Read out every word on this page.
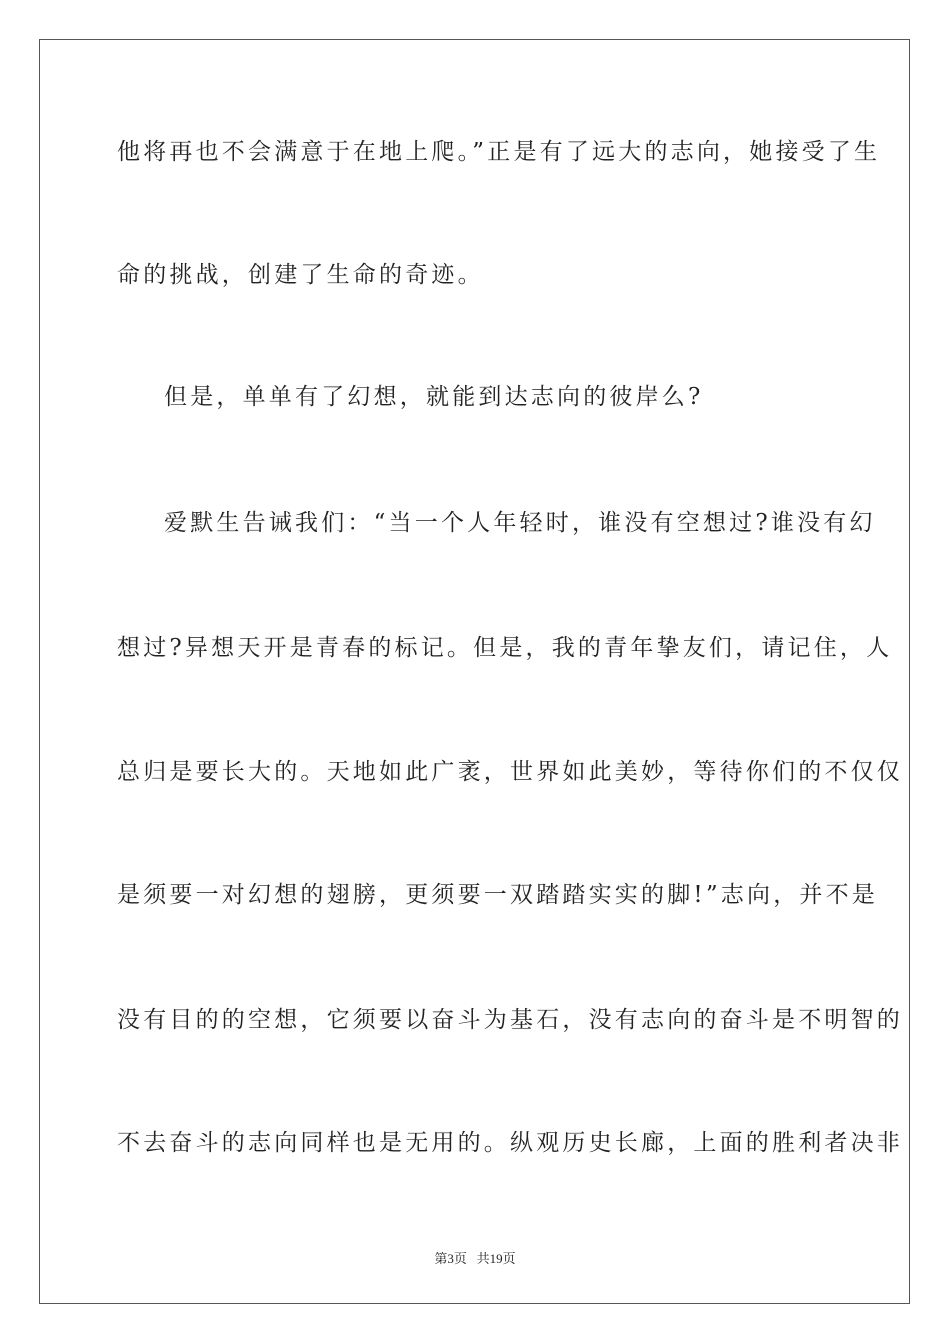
他将再也不会满意于在地上爬。”正是有了远大的志向，她接受了生
命的挑战，创建了生命的奇迹。
但是，单单有了幻想，就能到达志向的彼岸么?
爱默生告诫我们：“当一个人年轻时，谁没有空想过?谁没有幻
想过?异想天开是青春的标记。但是，我的青年挚友们，请记住，人
总归是要长大的。天地如此广袤，世界如此美妙，等待你们的不仅仅
是须要一对幻想的翅膀，更须要一双踏踏实实的脚!”志向，并不是
没有目的的空想，它须要以奋斗为基石，没有志向的奋斗是不明智的
不去奋斗的志向同样也是无用的。纵观历史长廊，上面的胜利者决非
第3页 共19页
